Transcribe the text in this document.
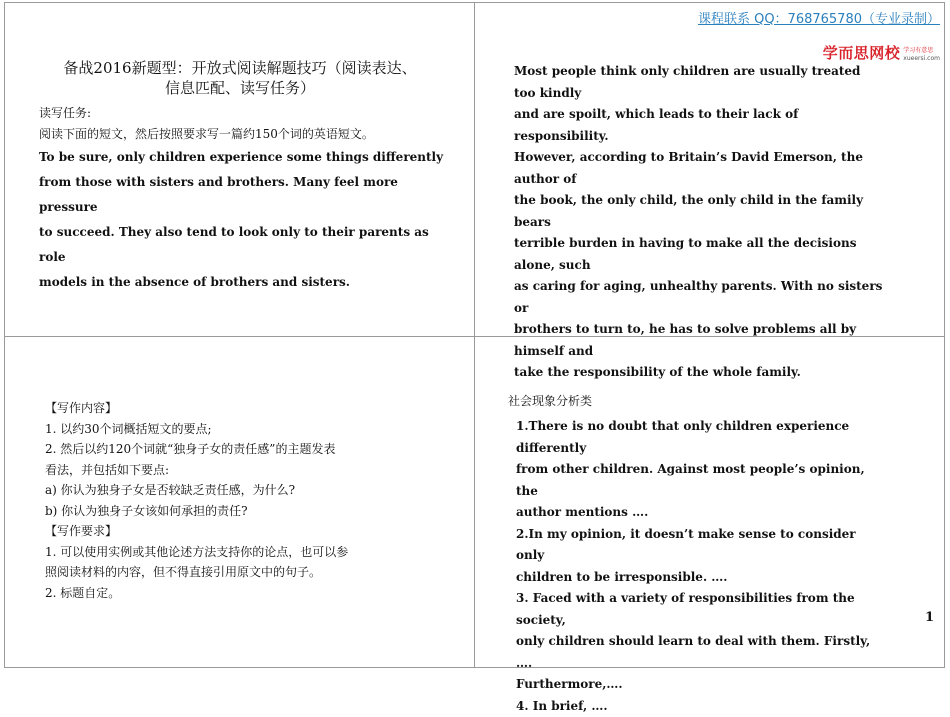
课程联系 QQ：768765780（专业录制）
学而思网校 学习有意思
xueersi.com
备战2016新题型：开放式阅读解题技巧（阅读表达、
信息匹配、读写任务）
读写任务:
阅读下面的短文，然后按照要求写一篇约150个词的英语短文。
To be sure, only children experience some things differently
from those with sisters and brothers. Many feel more pressure
to succeed. They also tend to look only to their parents as role
models in the absence of brothers and sisters.
Most people think only children are usually treated too kindly
and are spoilt, which leads to their lack of responsibility.
However, according to Britain’s David Emerson, the author of
the book, the only child, the only child in the family bears
terrible burden in having to make all the decisions alone, such
as caring for aging, unhealthy parents. With no sisters or
brothers to turn to, he has to solve problems all by himself and
take the responsibility of the whole family.
【写作内容】
1. 以约30个词概括短文的要点;
2. 然后以约120个词就“独身子女的责任感”的主题发表
看法，并包括如下要点:
a) 你认为独身子女是否较缺乏责任感，为什么?
b) 你认为独身子女该如何承担的责任?
【写作要求】
1. 可以使用实例或其他论述方法支持你的论点，也可以参
照阅读材料的内容，但不得直接引用原文中的句子。
2. 标题自定。
社会现象分析类
1.There is no doubt that only children experience differently
from other children. Against most people’s opinion, the
author mentions ….
2.In my opinion, it doesn’t make sense to consider only
children to be irresponsible. ….
3. Faced with a variety of responsibilities from the society,
only children should learn to deal with them. Firstly, ….
Furthermore,….
4. In brief, ….
1
